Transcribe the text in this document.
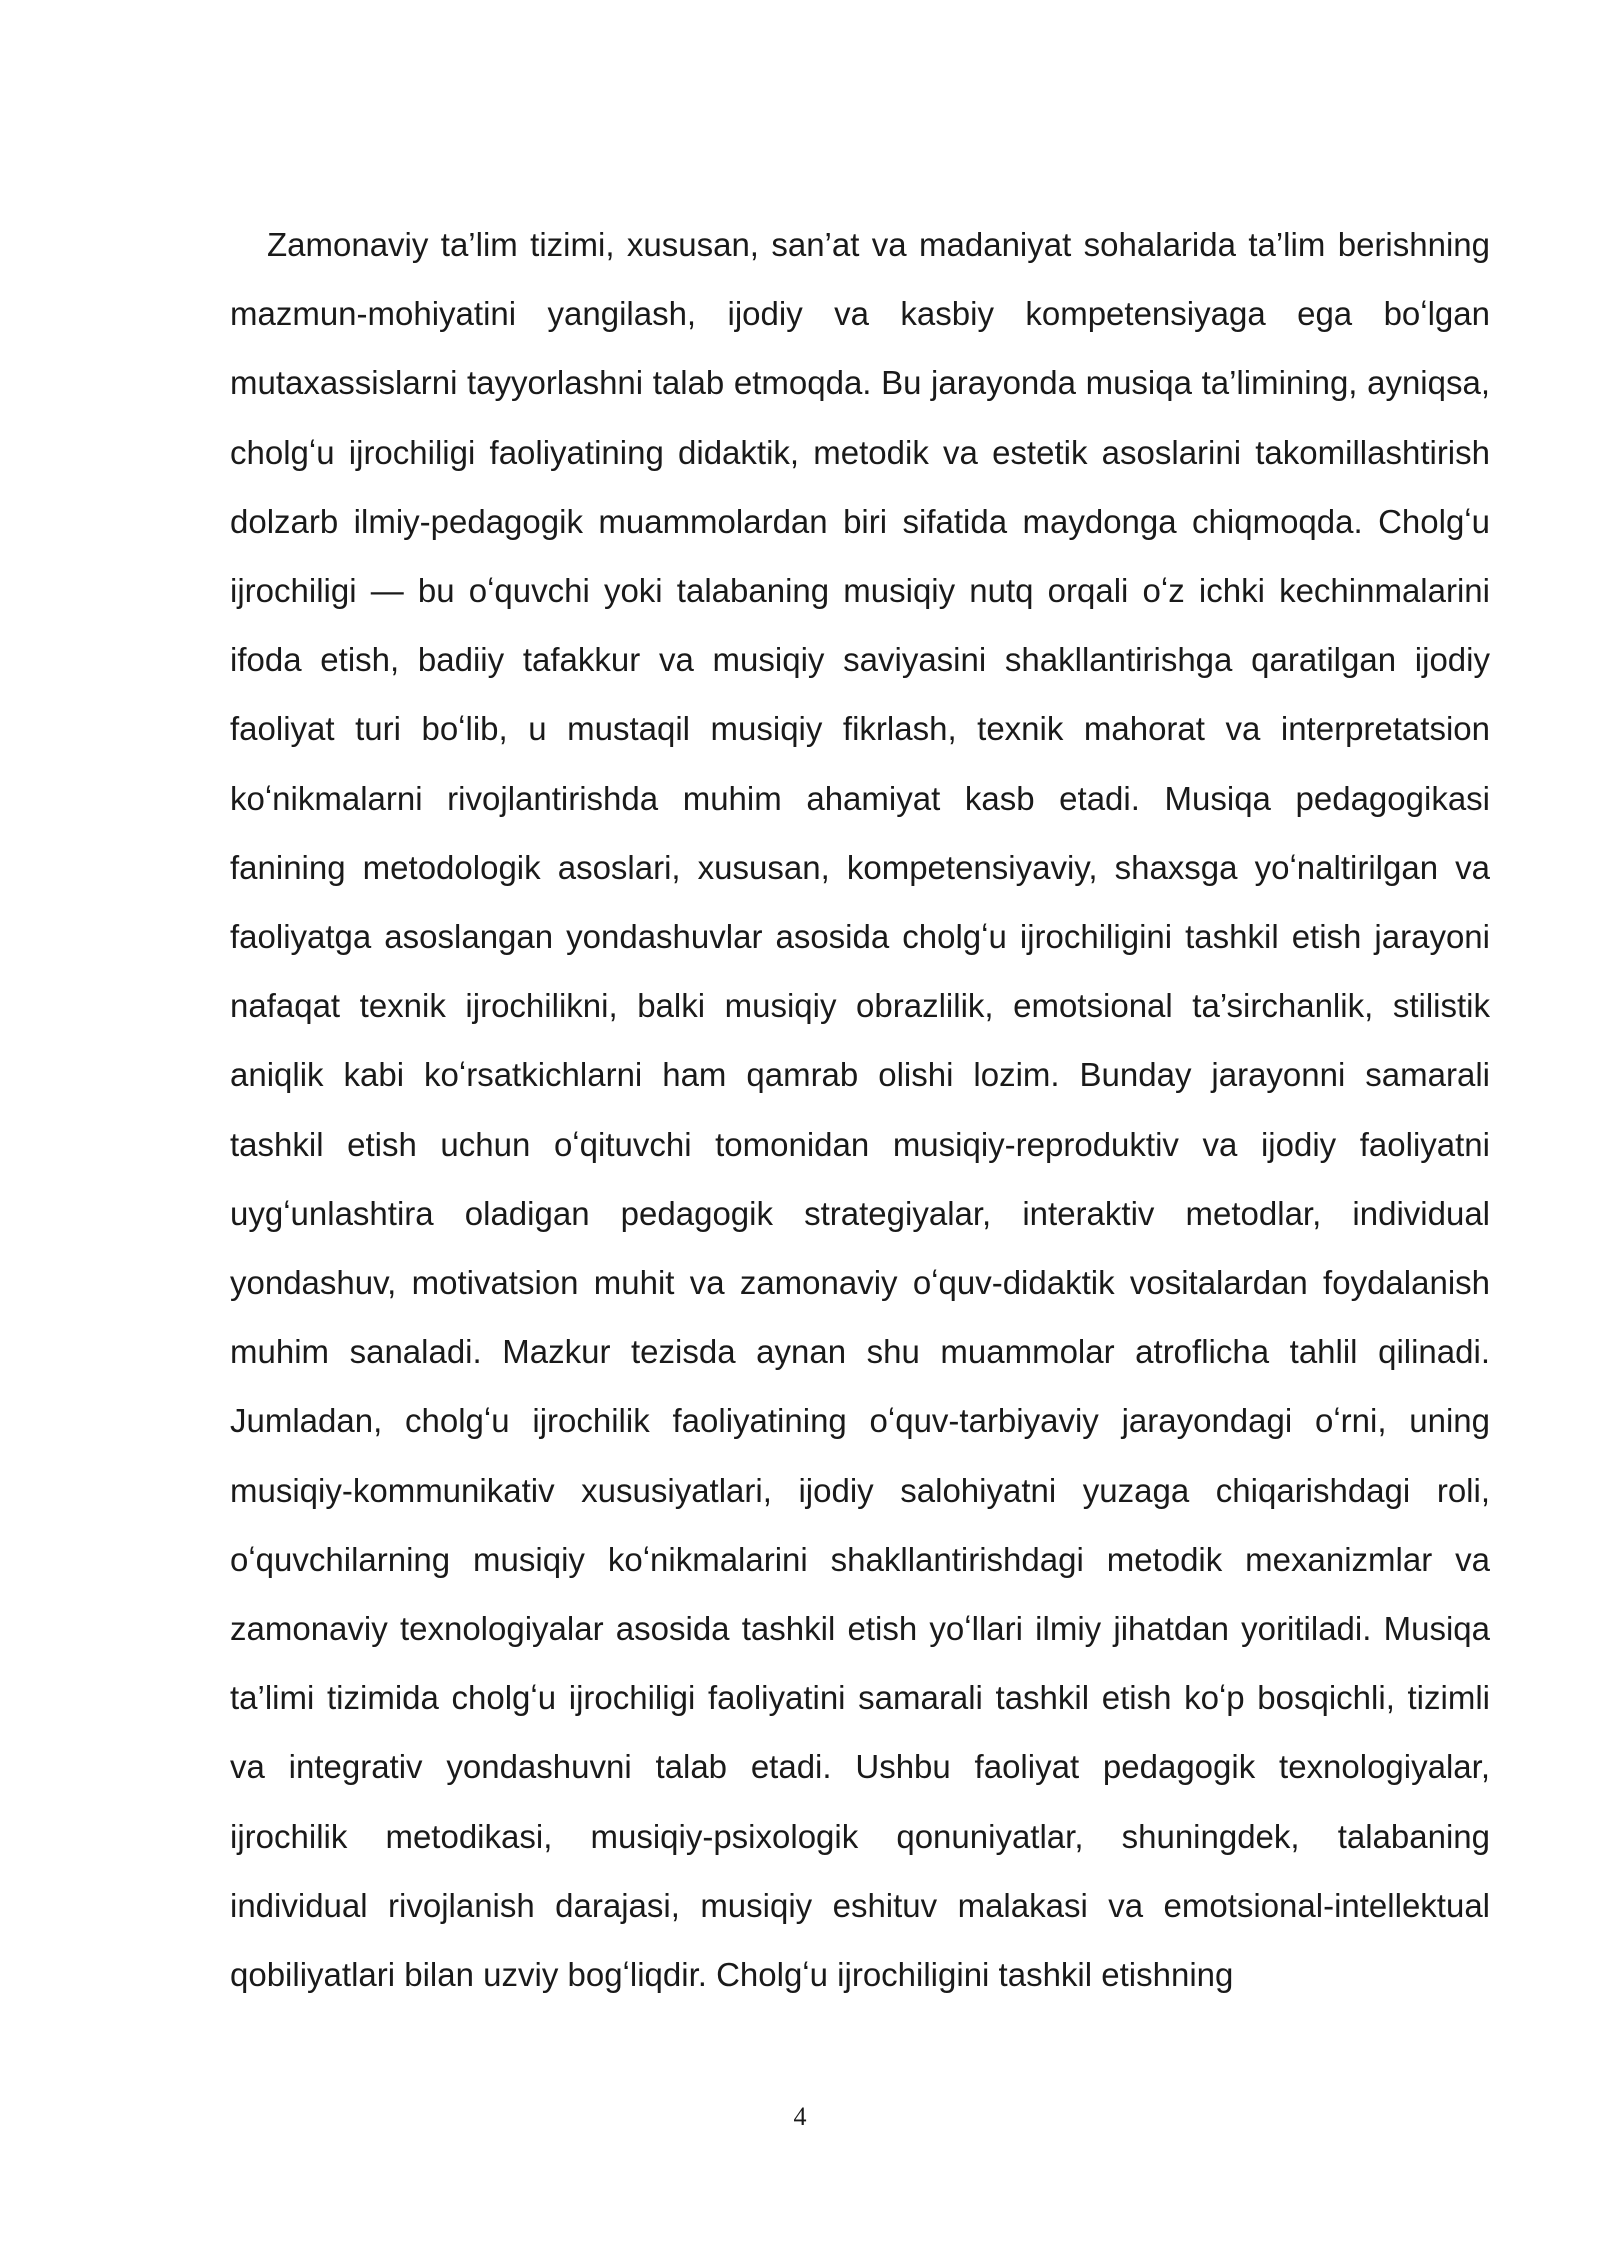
Zamonaviy ta’lim tizimi, xususan, san’at va madaniyat sohalarida ta’lim berishning mazmun-mohiyatini yangilash, ijodiy va kasbiy kompetensiyaga ega boʻlgan mutaxassislarni tayyorlashni talab etmoqda. Bu jarayonda musiqa ta’limining, ayniqsa, cholgʻu ijrochiligi faoliyatining didaktik, metodik va estetik asoslarini takomillashtirish dolzarb ilmiy-pedagogik muammolardan biri sifatida maydonga chiqmoqda. Cholgʻu ijrochiligi — bu oʻquvchi yoki talabaning musiqiy nutq orqali oʻz ichki kechinmalarini ifoda etish, badiiy tafakkur va musiqiy saviyasini shakllantirishga qaratilgan ijodiy faoliyat turi boʻlib, u mustaqil musiqiy fikrlash, texnik mahorat va interpretatsion koʻnikmalarni rivojlantirishda muhim ahamiyat kasb etadi. Musiqa pedagogikasi fanining metodologik asoslari, xususan, kompetensiyaviy, shaxsga yoʻnaltirilgan va faoliyatga asoslangan yondashuvlar asosida cholgʻu ijrochiligini tashkil etish jarayoni nafaqat texnik ijrochilikni, balki musiqiy obrazlilik, emotsional ta’sirchanlik, stilistik aniqlik kabi koʻrsatkichlarni ham qamrab olishi lozim. Bunday jarayonni samarali tashkil etish uchun oʻqituvchi tomonidan musiqiy-reproduktiv va ijodiy faoliyatni uygʻunlashtira oladigan pedagogik strategiyalar, interaktiv metodlar, individual yondashuv, motivatsion muhit va zamonaviy oʻquv-didaktik vositalardan foydalanish muhim sanaladi. Mazkur tezisda aynan shu muammolar atroflicha tahlil qilinadi. Jumladan, cholgʻu ijrochilik faoliyatining oʻquv-tarbiyaviy jarayondagi oʻrni, uning musiqiy-kommunikativ xususiyatlari, ijodiy salohiyatni yuzaga chiqarishdagi roli, oʻquvchilarning musiqiy koʻnikmalarini shakllantirishdagi metodik mexanizmlar va zamonaviy texnologiyalar asosida tashkil etish yoʻllari ilmiy jihatdan yoritiladi. Musiqa ta’limi tizimida cholgʻu ijrochiligi faoliyatini samarali tashkil etish koʻp bosqichli, tizimli va integrativ yondashuvni talab etadi. Ushbu faoliyat pedagogik texnologiyalar, ijrochilik metodikasi, musiqiy-psixologik qonuniyatlar, shuningdek, talabaning individual rivojlanish darajasi, musiqiy eshituv malakasi va emotsional-intellektual qobiliyatlari bilan uzviy bogʻliqdir. Cholgʻu ijrochiligini tashkil etishning

4
